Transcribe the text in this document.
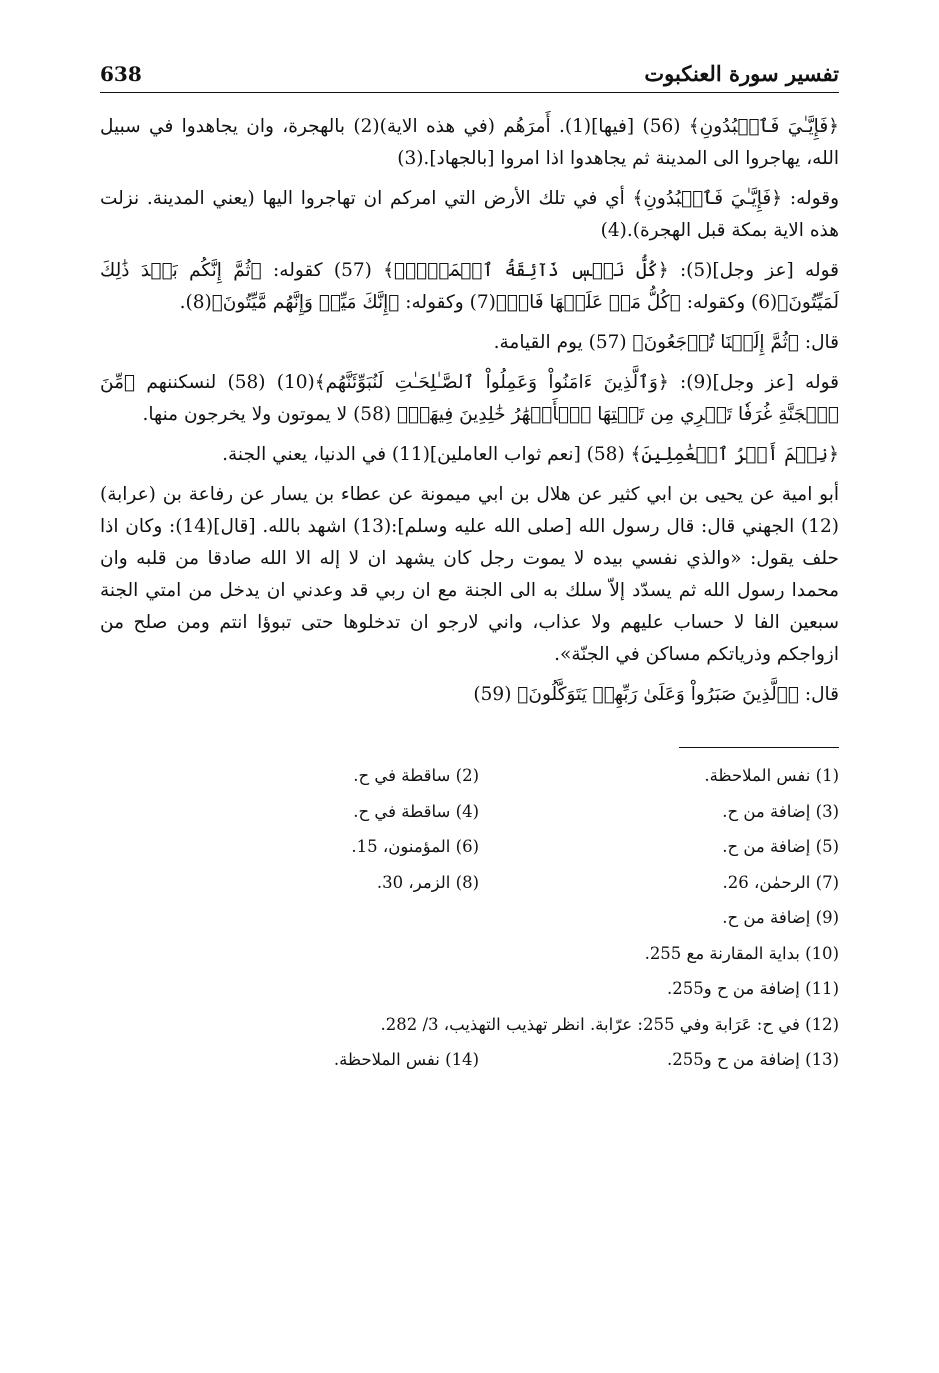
638	تفسير سورة العنكبوت

﴿فَإِيَّـٰيَ فَٱعۡبُدُونِ﴾ (56) [فيها](1). أَمرَهُم (في هذه الاية)(2) بالهجرة، وان يجاهدوا في سبيل الله، يهاجروا الى المدينة ثم يجاهدوا اذا امروا [بالجهاد].(3)

وقوله: ﴿فَإِيَّـٰيَ فَٱعۡبُدُونِ﴾ أي في تلك الأرض التي امركم ان تهاجروا اليها (يعني المدينة. نزلت هذه الاية بمكة قبل الهجرة).(4)

قوله [عز وجل](5): ﴿كُلُّ نَفۡسٖ ذَآئِقَةُ ٱلۡمَوۡتِۖ﴾ (57) كقوله: ﴿ثُمَّ إِنَّكُم بَعۡدَ ذَٰلِكَ لَمَيِّتُونَ﴾(6) وكقوله: ﴿كُلُّ مَنۡ عَلَيۡهَا فَانٖ﴾(7) وكقوله: ﴿إِنَّكَ مَيِّتٞ وَإِنَّهُم مَّيِّتُونَ﴾(8).

قال: ﴿ثُمَّ إِلَيۡنَا تُرۡجَعُونَ﴾ (57) يوم القيامة.

قوله [عز وجل](9): ﴿وَٱلَّذِينَ ءَامَنُواْ وَعَمِلُواْ ٱلصَّـٰلِحَـٰتِ لَنُبَوِّئَنَّهُم﴾(10) (58) لنسكننهم ﴿مِّنَ ٱلۡجَنَّةِ غُرَفٗا تَجۡرِي مِن تَحۡتِهَا ٱلۡأَنۡهَٰرُ خَٰلِدِينَ فِيهَاۚ﴾ (58) لا يموتون ولا يخرجون منها.

﴿نِعۡمَ أَجۡرُ ٱلۡعَٰمِلِينَ﴾ (58) [نعم ثواب العاملين](11) في الدنيا، يعني الجنة.

أبو امية عن يحيى بن ابي كثير عن هلال بن ابي ميمونة عن عطاء بن يسار عن رفاعة بن (عرابة)(12) الجهني قال: قال رسول الله [صلى الله عليه وسلم]:(13) اشهد بالله. [قال](14): وكان اذا حلف يقول: «والذي نفسي بيده لا يموت رجل كان يشهد ان لا إله الا الله صادقا من قلبه وان محمدا رسول الله ثم يسدّد إلاّ سلك به الى الجنة مع ان ربي قد وعدني ان يدخل من امتي الجنة سبعين الفا لا حساب عليهم ولا عذاب، واني لارجو ان تدخلوها حتى تبوؤا انتم ومن صلح من ازواجكم وذرياتكم مساكن في الجنّة».

قال: ﴿ٱلَّذِينَ صَبَرُواْ وَعَلَىٰ رَبِّهِمۡ يَتَوَكَّلُونَ﴾ (59)

(1) نفس الملاحظة.
(2) ساقطة في ح.
(3) إضافة من ح.
(4) ساقطة في ح.
(5) إضافة من ح.
(6) المؤمنون، 15.
(7) الرحمٰن، 26.
(8) الزمر، 30.
(9) إضافة من ح.
(10) بداية المقارنة مع 255.
(11) إضافة من ح و255.
(12) في ح: عَرَابة وفي 255: عرّابة. انظر تهذيب التهذيب، 3/ 282.
(13) إضافة من ح و255.
(14) نفس الملاحظة.
